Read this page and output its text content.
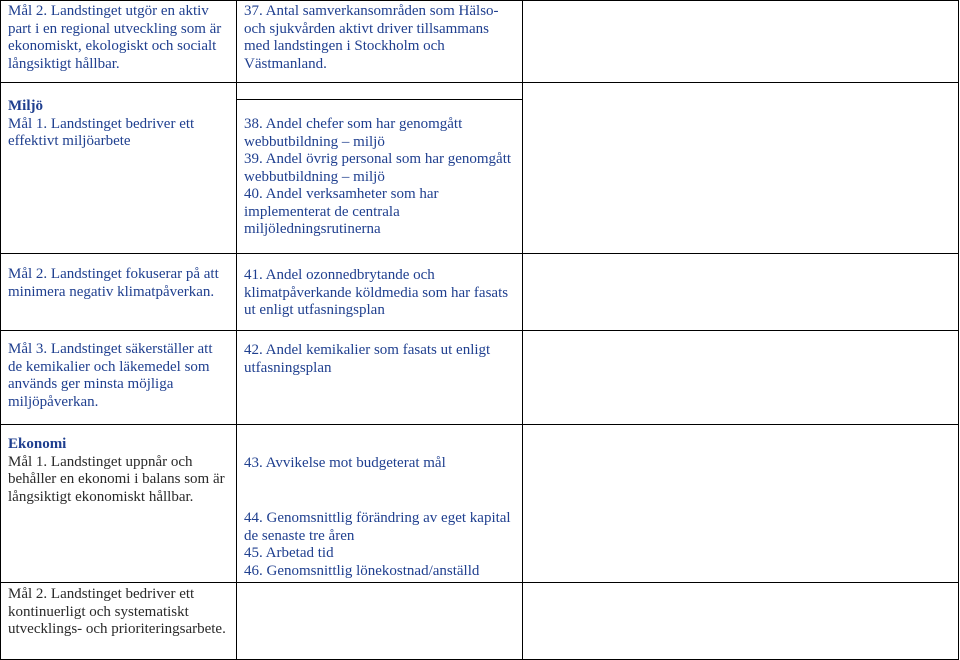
Mål 2. Landstinget utgör en aktiv part i en regional utveckling som är ekonomiskt, ekologiskt och socialt långsiktigt hållbar.

Miljö

Mål 1. Landstinget bedriver ett effektivt miljöarbete

Mål 2. Landstinget fokuserar på att minimera negativ klimatpåverkan.

Mål 3. Landstinget säkerställer att de kemikalier och läkemedel som används ger minsta möjliga miljöpåverkan.

Ekonomi

Mål 1. Landstinget uppnår och behåller en ekonomi i balans som är långsiktigt ekonomiskt hållbar.

Mål 2. Landstinget bedriver ett kontinuerligt och systematiskt utvecklings- och prioriteringsarbete.

37. Antal samverkansområden som Hälso- och sjukvården aktivt driver tillsammans med landstingen i Stockholm och Västmanland.

38. Andel chefer som har genomgått webbutbildning – miljö

39. Andel övrig personal som har genomgått webbutbildning – miljö

40. Andel verksamheter som har implementerat de centrala miljöledningsrutinerna

41. Andel ozonnedbrytande och klimatpåverkande köldmedia som har fasats ut enligt utfasningsplan

42. Andel kemikalier som fasats ut enligt utfasningsplan

43. Avvikelse mot budgeterat mål

44. Genomsnittlig förändring av eget kapital de senaste tre åren

45. Arbetad tid

46. Genomsnittlig lönekostnad/anställd
